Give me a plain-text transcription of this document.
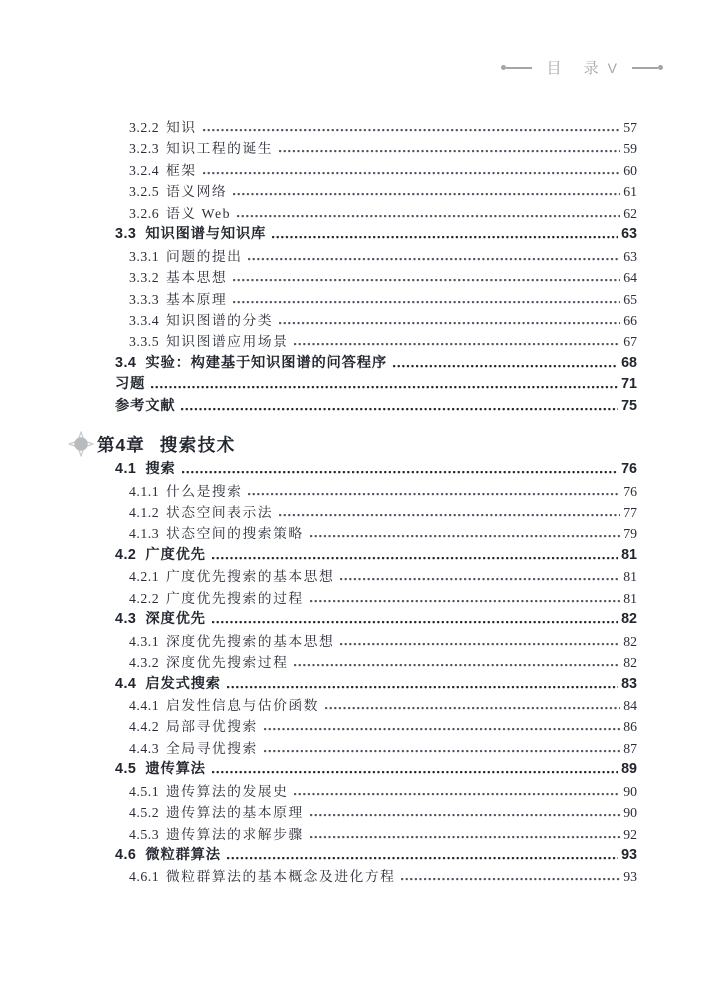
目 录 V
3.2.2 知识	57
3.2.3 知识工程的诞生	59
3.2.4 框架	60
3.2.5 语义网络	61
3.2.6 语义 Web	62
3.3 知识图谱与知识库	63
3.3.1 问题的提出	63
3.3.2 基本思想	64
3.3.3 基本原理	65
3.3.4 知识图谱的分类	66
3.3.5 知识图谱应用场景	67
3.4 实验：构建基于知识图谱的问答程序	68
习题	71
参考文献	75
第4章 搜索技术
4.1 搜索	76
4.1.1 什么是搜索	76
4.1.2 状态空间表示法	77
4.1.3 状态空间的搜索策略	79
4.2 广度优先	81
4.2.1 广度优先搜索的基本思想	81
4.2.2 广度优先搜索的过程	81
4.3 深度优先	82
4.3.1 深度优先搜索的基本思想	82
4.3.2 深度优先搜索过程	82
4.4 启发式搜索	83
4.4.1 启发性信息与估价函数	84
4.4.2 局部寻优搜索	86
4.4.3 全局寻优搜索	87
4.5 遗传算法	89
4.5.1 遗传算法的发展史	90
4.5.2 遗传算法的基本原理	90
4.5.3 遗传算法的求解步骤	92
4.6 微粒群算法	93
4.6.1 微粒群算法的基本概念及进化方程	93
